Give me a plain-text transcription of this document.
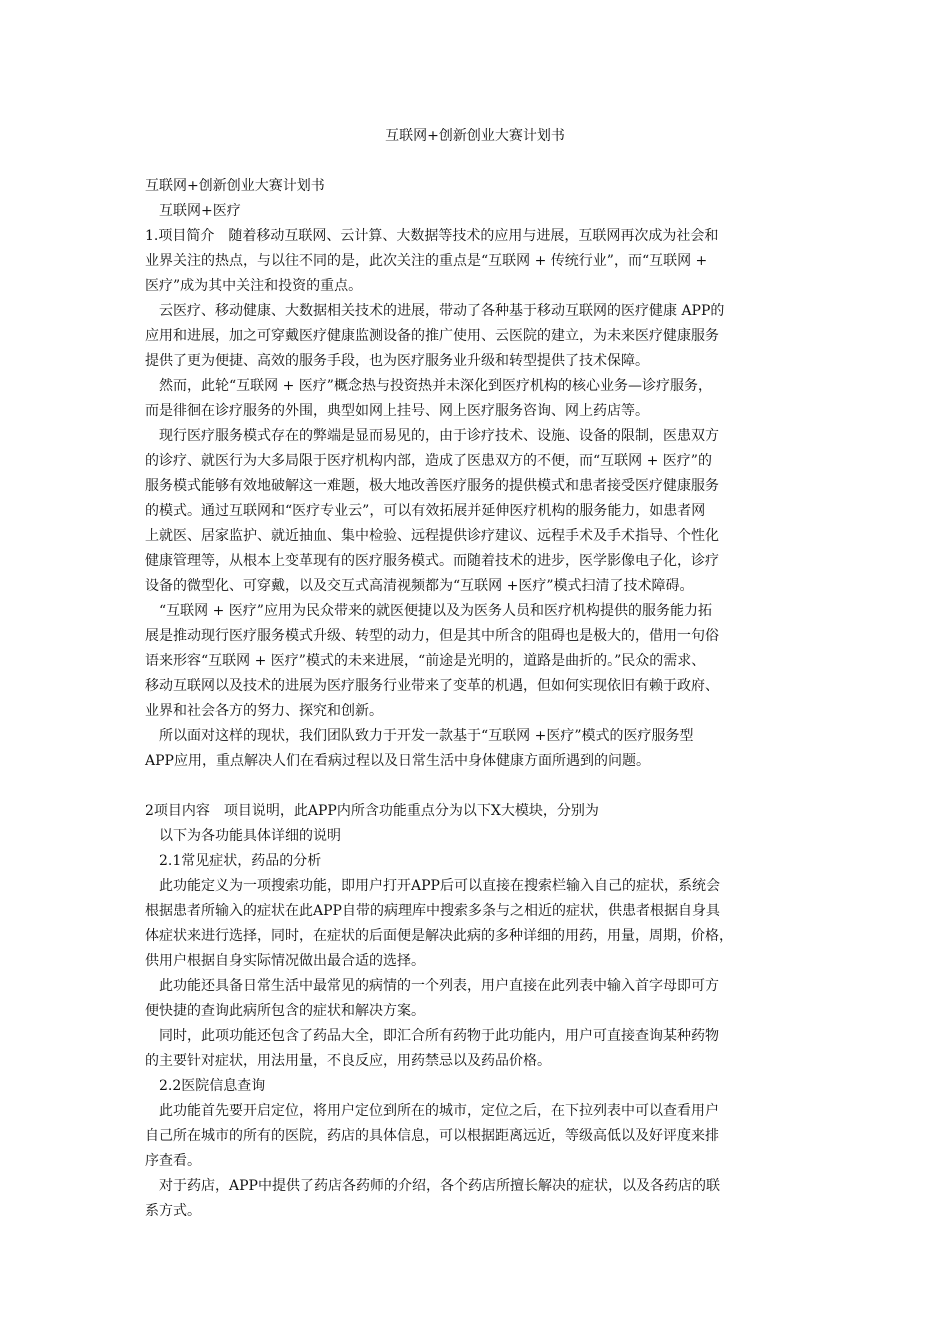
互联网+创新创业大赛计划书

互联网+创新创业大赛计划书

　互联网+医疗

1.项目简介　随着移动互联网、云计算、大数据等技术的应用与进展，互联网再次成为社会和

业界关注的热点，与以往不同的是，此次关注的重点是“互联网 + 传统行业”，而“互联网 +

医疗”成为其中关注和投资的重点。

　云医疗、移动健康、大数据相关技术的进展，带动了各种基于移动互联网的医疗健康 APP的

应用和进展，加之可穿戴医疗健康监测设备的推广使用、云医院的建立，为未来医疗健康服务

提供了更为便捷、高效的服务手段，也为医疗服务业升级和转型提供了技术保障。

　然而，此轮“互联网 + 医疗”概念热与投资热并未深化到医疗机构的核心业务—诊疗服务，

而是徘徊在诊疗服务的外围，典型如网上挂号、网上医疗服务咨询、网上药店等。

　现行医疗服务模式存在的弊端是显而易见的，由于诊疗技术、设施、设备的限制，医患双方

的诊疗、就医行为大多局限于医疗机构内部，造成了医患双方的不便，而“互联网 + 医疗”的

服务模式能够有效地破解这一难题，极大地改善医疗服务的提供模式和患者接受医疗健康服务

的模式。通过互联网和“医疗专业云”，可以有效拓展并延伸医疗机构的服务能力，如患者网

上就医、居家监护、就近抽血、集中检验、远程提供诊疗建议、远程手术及手术指导、个性化

健康管理等，从根本上变革现有的医疗服务模式。而随着技术的进步，医学影像电子化，诊疗

设备的微型化、可穿戴，以及交互式高清视频都为“互联网 +医疗”模式扫清了技术障碍。

　“互联网 + 医疗”应用为民众带来的就医便捷以及为医务人员和医疗机构提供的服务能力拓

展是推动现行医疗服务模式升级、转型的动力，但是其中所含的阻碍也是极大的，借用一句俗

语来形容“互联网 + 医疗”模式的未来进展，“前途是光明的，道路是曲折的。”民众的需求、

移动互联网以及技术的进展为医疗服务行业带来了变革的机遇，但如何实现依旧有赖于政府、

业界和社会各方的努力、探究和创新。

　所以面对这样的现状，我们团队致力于开发一款基于“互联网 +医疗”模式的医疗服务型

APP应用，重点解决人们在看病过程以及日常生活中身体健康方面所遇到的问题。

2项目内容　项目说明，此APP内所含功能重点分为以下X大模块，分别为

　以下为各功能具体详细的说明

　2.1常见症状，药品的分析

　此功能定义为一项搜索功能，即用户打开APP后可以直接在搜索栏输入自己的症状，系统会

根据患者所输入的症状在此APP自带的病理库中搜索多条与之相近的症状，供患者根据自身具

体症状来进行选择，同时，在症状的后面便是解决此病的多种详细的用药，用量，周期，价格，

供用户根据自身实际情况做出最合适的选择。

　此功能还具备日常生活中最常见的病情的一个列表，用户直接在此列表中输入首字母即可方

便快捷的查询此病所包含的症状和解决方案。

　同时，此项功能还包含了药品大全，即汇合所有药物于此功能内，用户可直接查询某种药物

的主要针对症状，用法用量，不良反应，用药禁忌以及药品价格。

　2.2医院信息查询

　此功能首先要开启定位，将用户定位到所在的城市，定位之后，在下拉列表中可以查看用户

自己所在城市的所有的医院，药店的具体信息，可以根据距离远近，等级高低以及好评度来排

序查看。

　对于药店，APP中提供了药店各药师的介绍，各个药店所擅长解决的症状，以及各药店的联

系方式。
